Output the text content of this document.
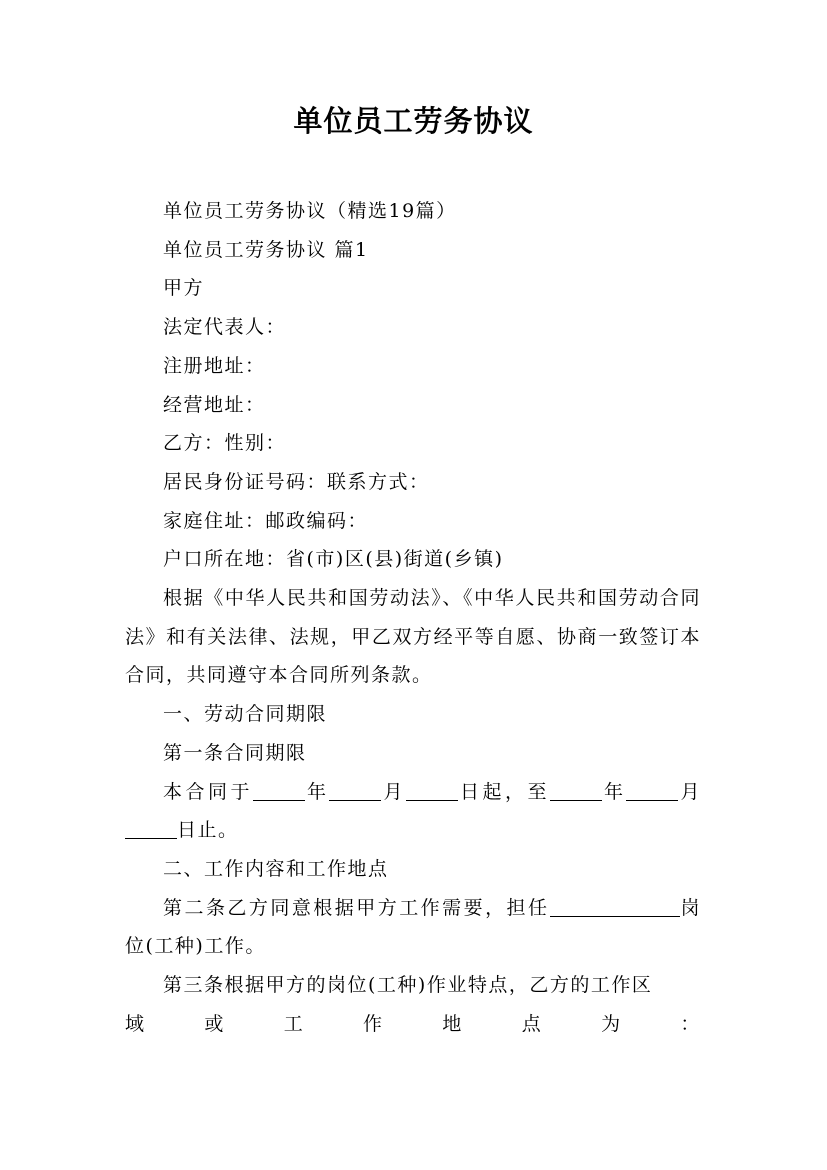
单位员工劳务协议

单位员工劳务协议（精选19篇）

单位员工劳务协议 篇1

甲方

法定代表人：

注册地址：

经营地址：

乙方：性别：

居民身份证号码：联系方式：

家庭住址：邮政编码：

户口所在地：省(市)区(县)街道(乡镇)

根据《中华人民共和国劳动法》、《中华人民共和国劳动合同法》和有关法律、法规，甲乙双方经平等自愿、协商一致签订本合同，共同遵守本合同所列条款。

一、劳动合同期限

第一条合同期限

本合同于	年	月	日起，至	年	月日止。

二、工作内容和工作地点

第二条乙方同意根据甲方工作需要，担任	岗位(工种)工作。

第三条根据甲方的岗位(工种)作业特点，乙方的工作区

域	或	工	作	地	点	为	：
